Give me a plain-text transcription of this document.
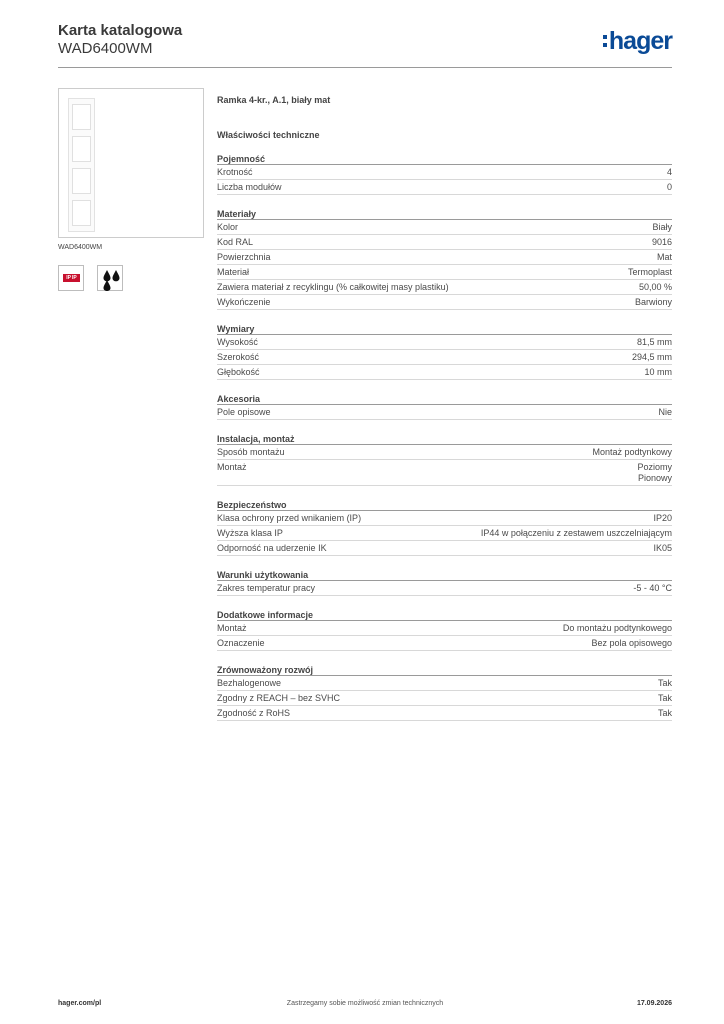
Karta katalogowa
WAD6400WM	hager
WAD6400WM
IP IP
Ramka 4-kr., A.1, biały mat
Właściwości techniczne
Pojemność
Krotność	4
Liczba modułów	0
Materiały
Kolor	Biały
Kod RAL	9016
Powierzchnia	Mat
Materiał	Termoplast
Zawiera materiał z recyklingu (% całkowitej masy plastiku)	50,00 %
Wykończenie	Barwiony
Wymiary
Wysokość	81,5 mm
Szerokość	294,5 mm
Głębokość	10 mm
Akcesoria
Pole opisowe	Nie
Instalacja, montaż
Sposób montażu	Montaż podtynkowy
Montaż	Poziomy
Pionowy
Bezpieczeństwo
Klasa ochrony przed wnikaniem (IP)	IP20
Wyższa klasa IP	IP44 w połączeniu z zestawem uszczelniającym
Odporność na uderzenie IK	IK05
Warunki użytkowania
Zakres temperatur pracy	-5 - 40 °C
Dodatkowe informacje
Montaż	Do montażu podtynkowego
Oznaczenie	Bez pola opisowego
Zrównoważony rozwój
Bezhalogenowe	Tak
Zgodny z REACH – bez SVHC	Tak
Zgodność z RoHS	Tak
hager.com/pl	Zastrzegamy sobie możliwość zmian technicznych	17.09.2026
